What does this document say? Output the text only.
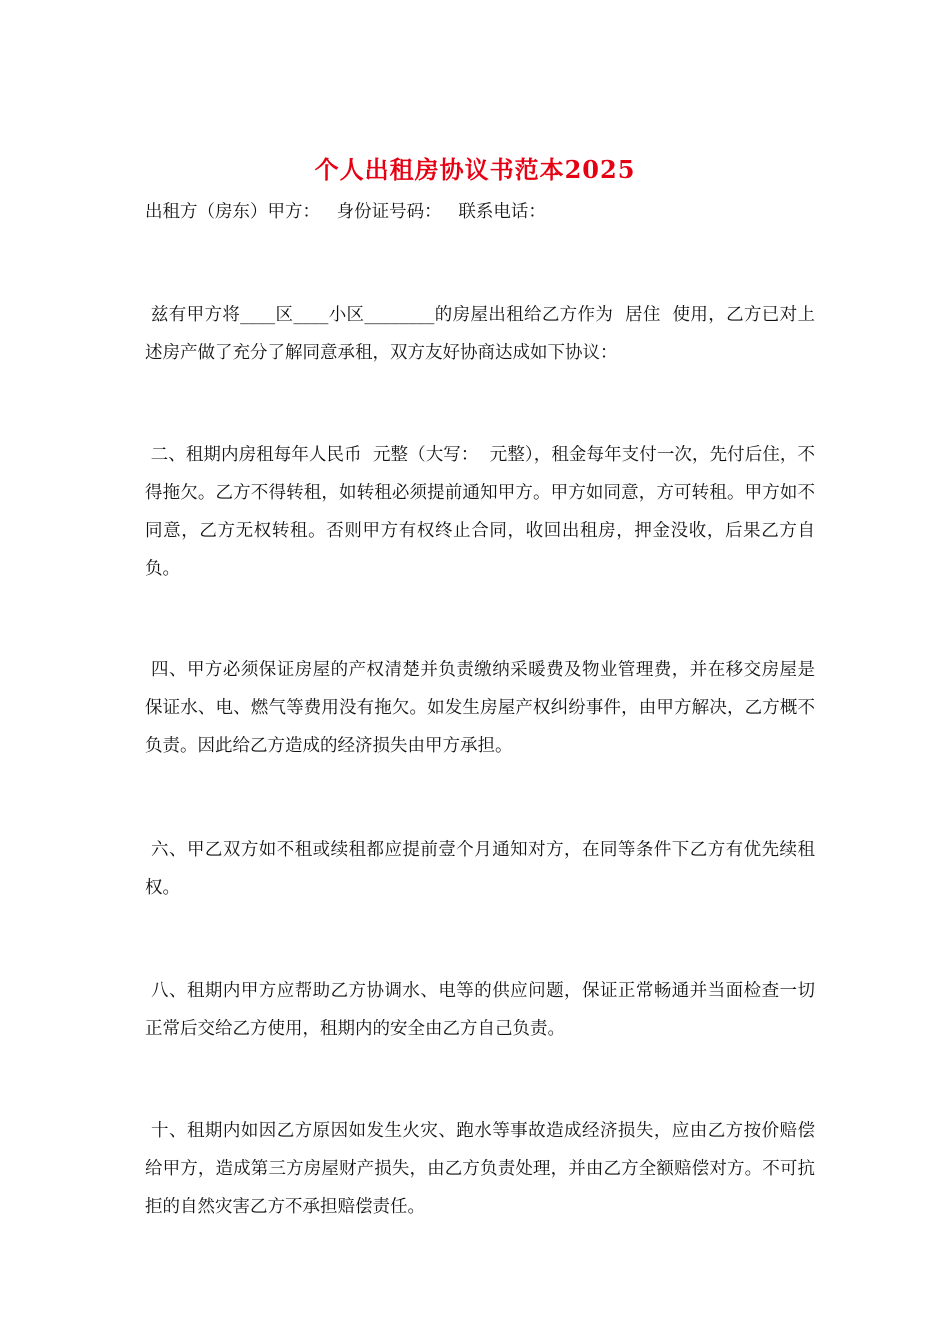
个人出租房协议书范本2025
出租方（房东）甲方：   身份证号码：   联系电话：
兹有甲方将____区____小区________的房屋出租给乙方作为  居住  使用，乙方已对上述房产做了充分了解同意承租，双方友好协商达成如下协议：
二、租期内房租每年人民币  元整（大写：  元整），租金每年支付一次，先付后住，不得拖欠。乙方不得转租，如转租必须提前通知甲方。甲方如同意，方可转租。甲方如不同意，乙方无权转租。否则甲方有权终止合同，收回出租房，押金没收，后果乙方自负。
四、甲方必须保证房屋的产权清楚并负责缴纳采暖费及物业管理费，并在移交房屋是保证水、电、燃气等费用没有拖欠。如发生房屋产权纠纷事件，由甲方解决，乙方概不负责。因此给乙方造成的经济损失由甲方承担。
六、甲乙双方如不租或续租都应提前壹个月通知对方，在同等条件下乙方有优先续租权。
八、租期内甲方应帮助乙方协调水、电等的供应问题，保证正常畅通并当面检查一切正常后交给乙方使用，租期内的安全由乙方自己负责。
十、租期内如因乙方原因如发生火灾、跑水等事故造成经济损失，应由乙方按价赔偿给甲方，造成第三方房屋财产损失，由乙方负责处理，并由乙方全额赔偿对方。不可抗拒的自然灾害乙方不承担赔偿责任。
